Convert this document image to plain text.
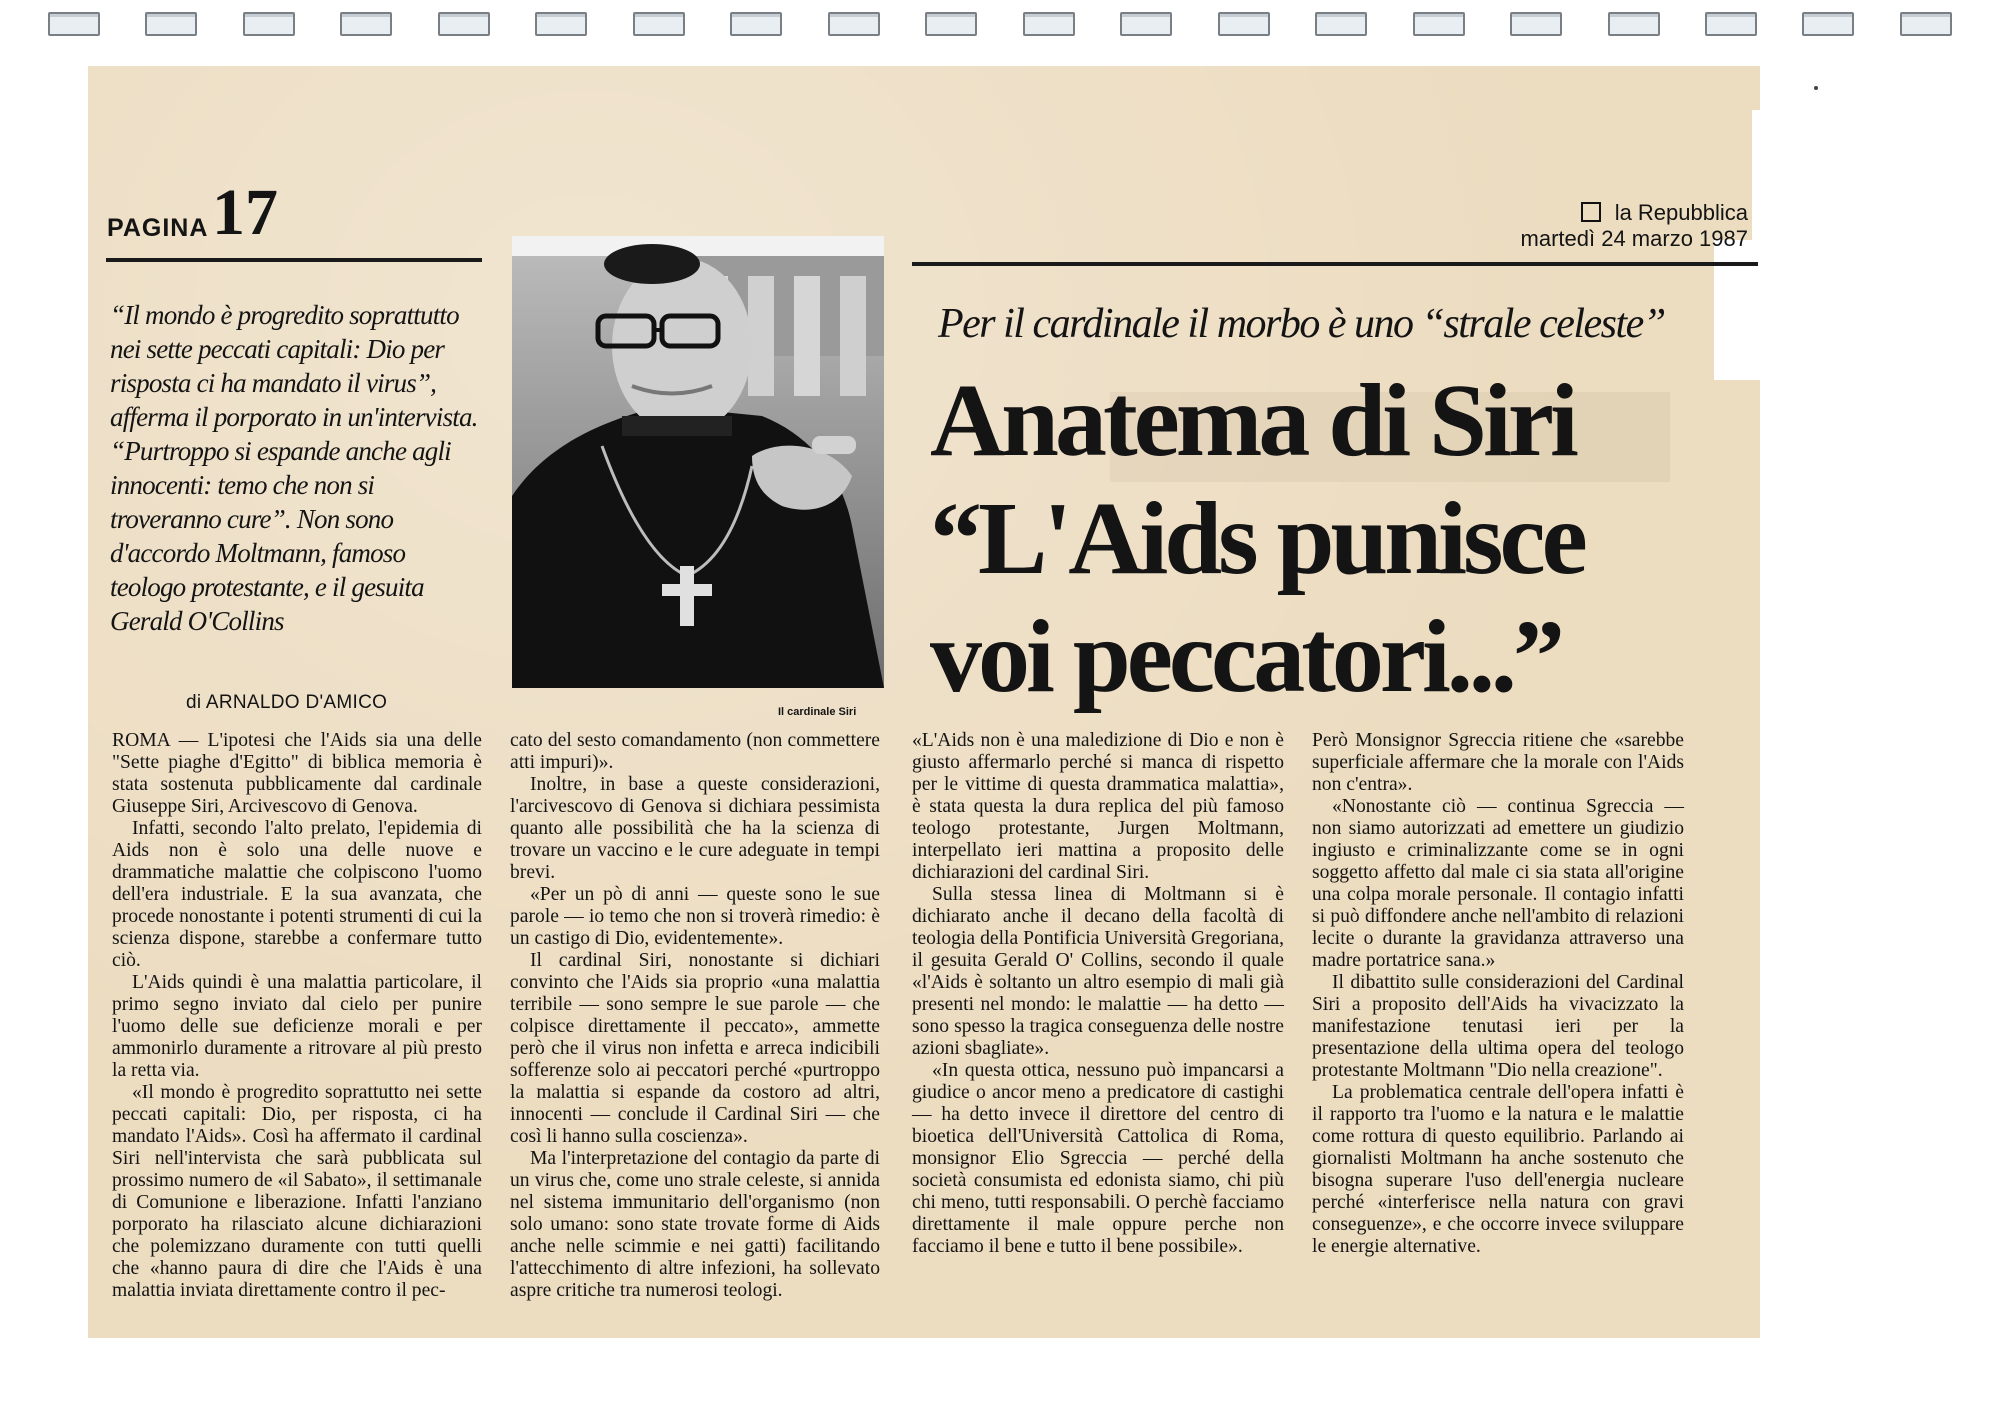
PAGINA 17	la Repubblica
martedì 24 marzo 1987
“Il mondo è progredito soprattutto nei sette peccati capitali: Dio per risposta ci ha mandato il virus”, afferma il porporato in un'intervista. “Purtroppo si espande anche agli innocenti: temo che non si troveranno cure”. Non sono d'accordo Moltmann, famoso teologo protestante, e il gesuita Gerald O'Collins
Il cardinale Siri
Per il cardinale il morbo è uno “strale celeste”
Anatema di Siri
“L'Aids punisce
voi peccatori...”
di ARNALDO D'AMICO

ROMA — L'ipotesi che l'Aids sia una delle "Sette piaghe d'Egitto" di biblica memoria è stata sostenuta pubblicamente dal cardinale Giuseppe Siri, Arcivescovo di Genova.

Infatti, secondo l'alto prelato, l'epidemia di Aids non è solo una delle nuove e drammatiche malattie che colpiscono l'uomo dell'era industriale. E la sua avanzata, che procede nonostante i potenti strumenti di cui la scienza dispone, starebbe a confermare tutto ciò.

L'Aids quindi è una malattia particolare, il primo segno inviato dal cielo per punire l'uomo delle sue deficienze morali e per ammonirlo duramente a ritrovare al più presto la retta via.

«Il mondo è progredito soprattutto nei sette peccati capitali: Dio, per risposta, ci ha mandato l'Aids». Così ha affermato il cardinal Siri nell'intervista che sarà pubblicata sul prossimo numero de «il Sabato», il settimanale di Comunione e liberazione. Infatti l'anziano porporato ha rilasciato alcune dichiarazioni che polemizzano duramente con tutti quelli che «hanno paura di dire che l'Aids è una malattia inviata direttamente contro il pec-

cato del sesto comandamento (non commettere atti impuri)».

Inoltre, in base a queste considerazioni, l'arcivescovo di Genova si dichiara pessimista quanto alle possibilità che ha la scienza di trovare un vaccino e le cure adeguate in tempi brevi.

«Per un pò di anni — queste sono le sue parole — io temo che non si troverà rimedio: è un castigo di Dio, evidentemente».

Il cardinal Siri, nonostante si dichiari convinto che l'Aids sia proprio «una malattia terribile — sono sempre le sue parole — che colpisce direttamente il peccato», ammette però che il virus non infetta e arreca indicibili sofferenze solo ai peccatori perché «purtroppo la malattia si espande da costoro ad altri, innocenti — conclude il Cardinal Siri — che così li hanno sulla coscienza».

Ma l'interpretazione del contagio da parte di un virus che, come uno strale celeste, si annida nel sistema immunitario dell'organismo (non solo umano: sono state trovate forme di Aids anche nelle scimmie e nei gatti) facilitando l'attecchimento di altre infezioni, ha sollevato aspre critiche tra numerosi teologi.

«L'Aids non è una maledizione di Dio e non è giusto affermarlo perché si manca di rispetto per le vittime di questa drammatica malattia», è stata questa la dura replica del più famoso teologo protestante, Jurgen Moltmann, interpellato ieri mattina a proposito delle dichiarazioni del cardinal Siri.

Sulla stessa linea di Moltmann si è dichiarato anche il decano della facoltà di teologia della Pontificia Università Gregoriana, il gesuita Gerald O' Collins, secondo il quale «l'Aids è soltanto un altro esempio di mali già presenti nel mondo: le malattie — ha detto — sono spesso la tragica conseguenza delle nostre azioni sbagliate».

«In questa ottica, nessuno può impancarsi a giudice o ancor meno a predicatore di castighi — ha detto invece il direttore del centro di bioetica dell'Università Cattolica di Roma, monsignor Elio Sgreccia — perché della società consumista ed edonista siamo, chi più chi meno, tutti responsabili. O perchè facciamo direttamente il male oppure perche non facciamo il bene e tutto il bene possibile».

Però Monsignor Sgreccia ritiene che «sarebbe superficiale affermare che la morale con l'Aids non c'entra».

«Nonostante ciò — continua Sgreccia — non siamo autorizzati ad emettere un giudizio ingiusto e criminalizzante come se in ogni soggetto affetto dal male ci sia stata all'origine una colpa morale personale. Il contagio infatti si può diffondere anche nell'ambito di relazioni lecite o durante la gravidanza attraverso una madre portatrice sana.»

Il dibattito sulle considerazioni del Cardinal Siri a proposito dell'Aids ha vivacizzato la manifestazione tenutasi ieri per la presentazione della ultima opera del teologo protestante Moltmann "Dio nella creazione".

La problematica centrale dell'opera infatti è il rapporto tra l'uomo e la natura e le malattie come rottura di questo equilibrio. Parlando ai giornalisti Moltmann ha anche sostenuto che bisogna superare l'uso dell'energia nucleare perché «interferisce nella natura con gravi conseguenze», e che occorre invece sviluppare le energie alternative.
